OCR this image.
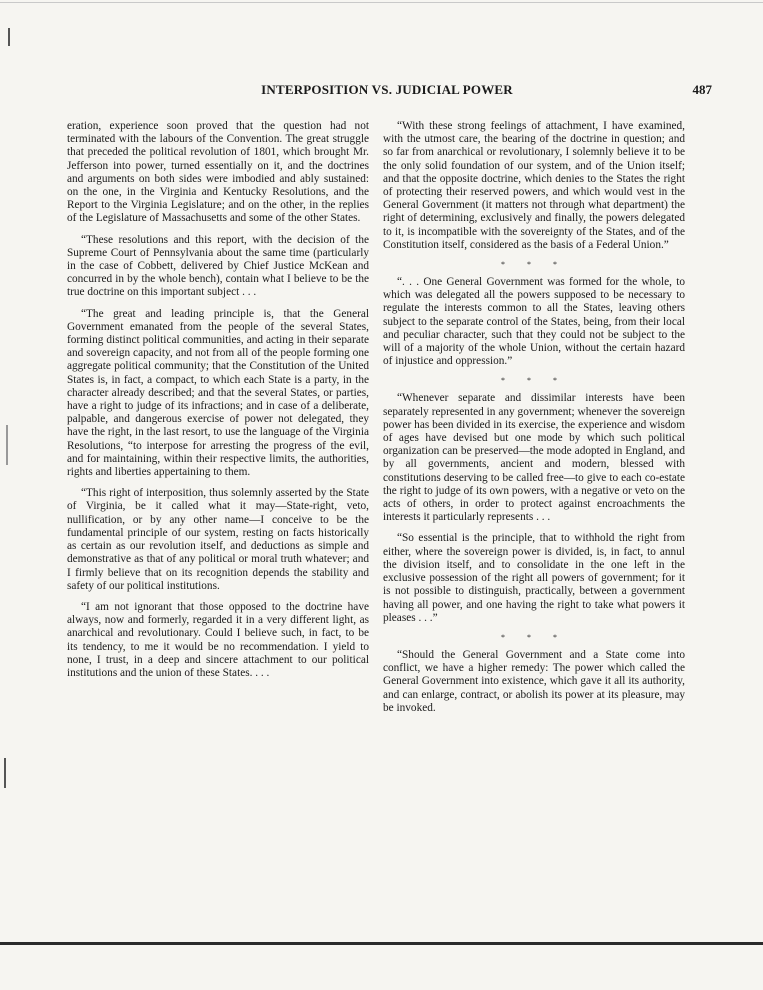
INTERPOSITION VS. JUDICIAL POWER	487

eration, experience soon proved that the question had not terminated with the labours of the Convention. The great struggle that preceded the political revolution of 1801, which brought Mr. Jefferson into power, turned essentially on it, and the doctrines and arguments on both sides were imbodied and ably sustained: on the one, in the Virginia and Kentucky Resolutions, and the Report to the Virginia Legislature; and on the other, in the replies of the Legislature of Massachusetts and some of the other States.

“These resolutions and this report, with the decision of the Supreme Court of Pennsylvania about the same time (particularly in the case of Cobbett, delivered by Chief Justice McKean and concurred in by the whole bench), contain what I believe to be the true doctrine on this important subject . . .

“The great and leading principle is, that the General Government emanated from the people of the several States, forming distinct political communities, and acting in their separate and sovereign capacity, and not from all of the people forming one aggregate political community; that the Constitution of the United States is, in fact, a compact, to which each State is a party, in the character already described; and that the several States, or parties, have a right to judge of its infractions; and in case of a deliberate, palpable, and dangerous exercise of power not delegated, they have the right, in the last resort, to use the language of the Virginia Resolutions, “to interpose for arresting the progress of the evil, and for maintaining, within their respective limits, the authorities, rights and liberties appertaining to them.

“This right of interposition, thus solemnly asserted by the State of Virginia, be it called what it may—State-right, veto, nullification, or by any other name—I conceive to be the fundamental principle of our system, resting on facts historically as certain as our revolution itself, and deductions as simple and demonstrative as that of any political or moral truth whatever; and I firmly believe that on its recognition depends the stability and safety of our political institutions.

“I am not ignorant that those opposed to the doctrine have always, now and formerly, regarded it in a very different light, as anarchical and revolutionary. Could I believe such, in fact, to be its tendency, to me it would be no recommendation. I yield to none, I trust, in a deep and sincere attachment to our political institutions and the union of these States. . . .

“With these strong feelings of attachment, I have examined, with the utmost care, the bearing of the doctrine in question; and so far from anarchical or revolutionary, I solemnly believe it to be the only solid foundation of our system, and of the Union itself; and that the opposite doctrine, which denies to the States the right of protecting their reserved powers, and which would vest in the General Government (it matters not through what department) the right of determining, exclusively and finally, the powers delegated to it, is incompatible with the sovereignty of the States, and of the Constitution itself, considered as the basis of a Federal Union.”

* * *

“. . . One General Government was formed for the whole, to which was delegated all the powers supposed to be necessary to regulate the interests common to all the States, leaving others subject to the separate control of the States, being, from their local and peculiar character, such that they could not be subject to the will of a majority of the whole Union, without the certain hazard of injustice and oppression.”

* * *

“Whenever separate and dissimilar interests have been separately represented in any government; whenever the sovereign power has been divided in its exercise, the experience and wisdom of ages have devised but one mode by which such political organization can be preserved—the mode adopted in England, and by all governments, ancient and modern, blessed with constitutions deserving to be called free—to give to each co-estate the right to judge of its own powers, with a negative or veto on the acts of others, in order to protect against encroachments the interests it particularly represents . . .

“So essential is the principle, that to withhold the right from either, where the sovereign power is divided, is, in fact, to annul the division itself, and to consolidate in the one left in the exclusive possession of the right all powers of government; for it is not possible to distinguish, practically, between a government having all power, and one having the right to take what powers it pleases . . .”

* * *

“Should the General Government and a State come into conflict, we have a higher remedy: The power which called the General Government into existence, which gave it all its authority, and can enlarge, contract, or abolish its power at its pleasure, may be invoked.
